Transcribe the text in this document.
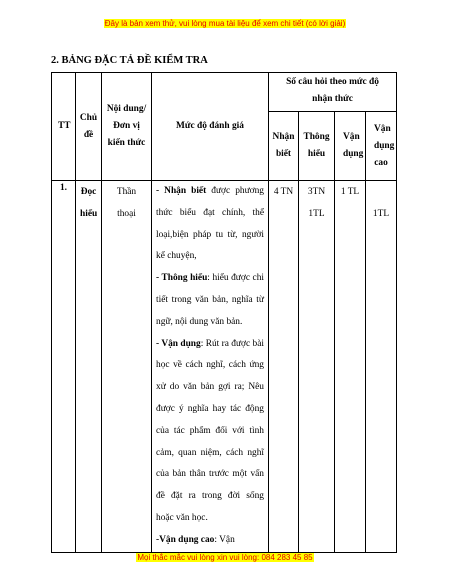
Đây là bản xem thử, vui lòng mua tài liệu để xem chi tiết (có lời giải)
2. BẢNG ĐẶC TẢ ĐỀ KIỂM TRA
TT	Chủ đề	Nội dung/Đơn vị kiến thức	Mức độ đánh giá	Số câu hỏi theo mức độ nhận thức			
				Nhận biết	Thông hiểu	Vận dụng	Vận dụng cao
1.	Đọc hiểu	Thần thoại	- Nhận biết được phương thức biểu đạt chính, thể loại,biện pháp tu từ, người kể chuyện,
- Thông hiểu: hiểu được chi tiết trong văn bản, nghĩa từ ngữ, nội dung văn bản.
- Vận dụng: Rút ra được bài học về cách nghĩ, cách ứng xử do văn bản gợi ra; Nêu được ý nghĩa hay tác động của tác phẩm đối với tình cảm, quan niệm, cách nghĩ của bản thân trước một vấn đề đặt ra trong đời sống hoặc văn học.
-Vận dụng cao: Vận	4 TN	3TN 1TL	1 TL	1TL
Mọi thắc mắc vui lòng xin vui lòng: 084 283 45 85
